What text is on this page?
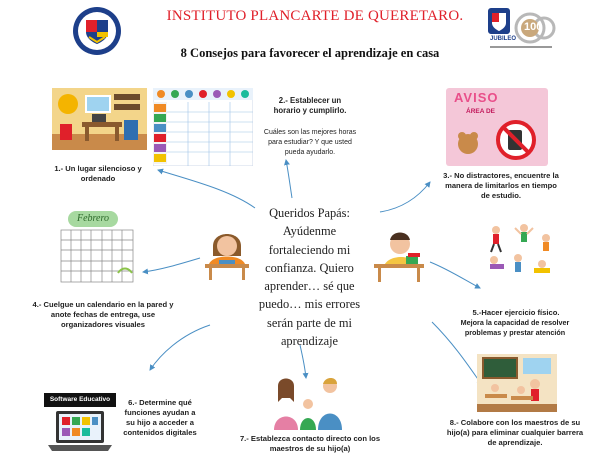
INSTITUTO PLANCARTE DE QUERETARO.
8 Consejos para favorecer el aprendizaje en casa
JUBILEO
100
AVISO
ÁREA DE
Febrero
Software Educativo
1.- Un lugar silencioso y ordenado
2.- Establecer un horario y cumplirlo.
Cuáles son las mejores horas para estudiar? Y que usted pueda ayudarlo.
3.- No distractores, encuentre la manera de limitarlos en tiempo de estudio.
4.- Cuelgue un calendario en la pared y anote fechas de entrega, use organizadores visuales
5.-Hacer ejercicio físico.
Mejora la capacidad de resolver problemas y prestar atención
6.- Determine qué funciones ayudan a su hijo a acceder a contenidos digitales
7.- Establezca contacto directo con los maestros de su hijo(a)
8.- Colabore con los maestros de su hijo(a) para eliminar cualquier barrera de aprendizaje.
Queridos Papás: Ayúdenme fortaleciendo mi confianza. Quiero aprender… sé que puedo… mis errores serán parte de mi aprendizaje
